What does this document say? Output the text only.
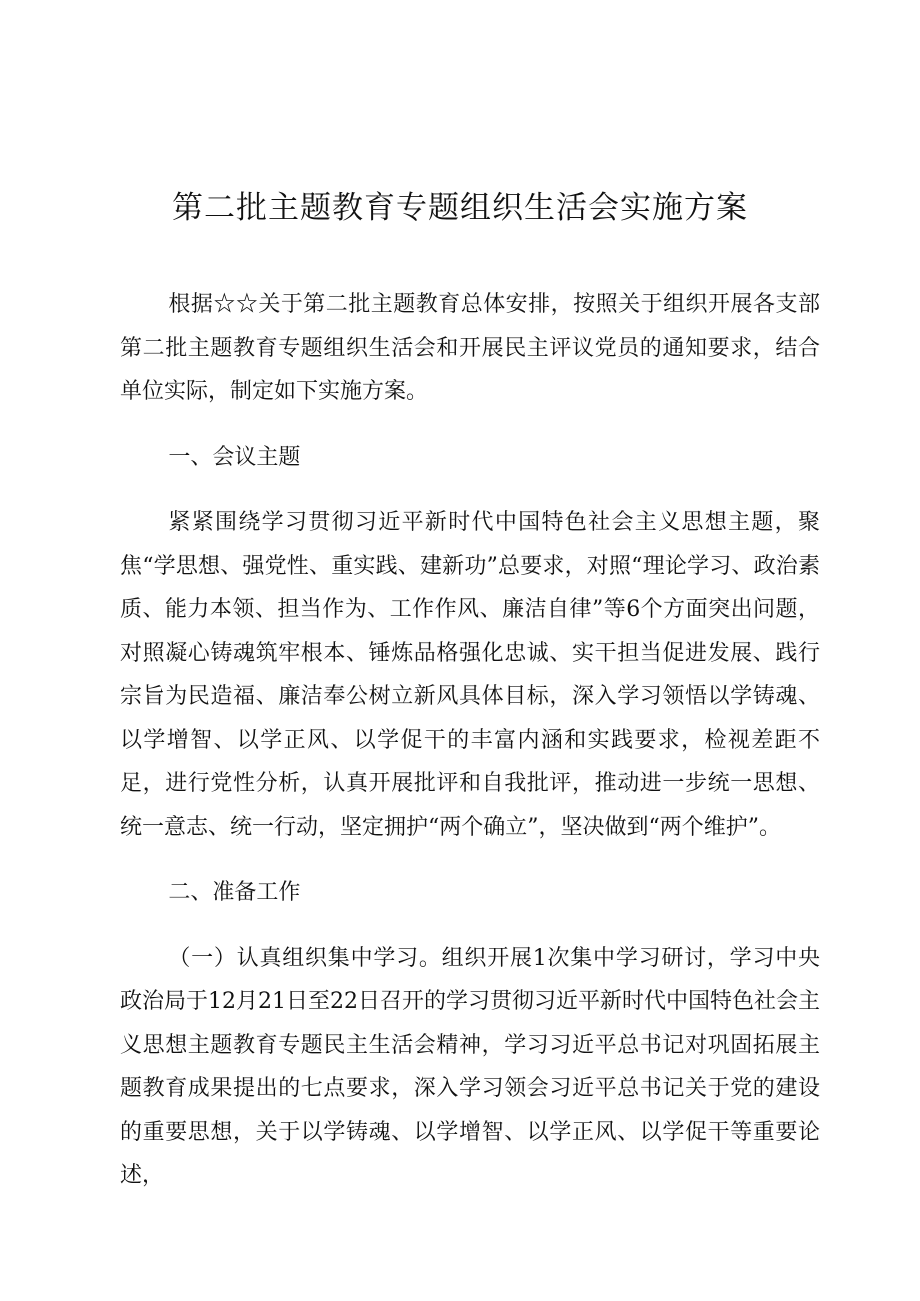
第二批主题教育专题组织生活会实施方案

根据☆☆关于第二批主题教育总体安排，按照关于组织开展各支部第二批主题教育专题组织生活会和开展民主评议党员的通知要求，结合单位实际，制定如下实施方案。

一、会议主题

紧紧围绕学习贯彻习近平新时代中国特色社会主义思想主题，聚焦“学思想、强党性、重实践、建新功”总要求，对照“理论学习、政治素质、能力本领、担当作为、工作作风、廉洁自律”等6个方面突出问题，对照凝心铸魂筑牢根本、锤炼品格强化忠诚、实干担当促进发展、践行宗旨为民造福、廉洁奉公树立新风具体目标，深入学习领悟以学铸魂、以学增智、以学正风、以学促干的丰富内涵和实践要求，检视差距不足，进行党性分析，认真开展批评和自我批评，推动进一步统一思想、统一意志、统一行动，坚定拥护“两个确立”，坚决做到“两个维护”。

二、准备工作

（一）认真组织集中学习。组织开展1次集中学习研讨，学习中央政治局于12月21日至22日召开的学习贯彻习近平新时代中国特色社会主义思想主题教育专题民主生活会精神，学习习近平总书记对巩固拓展主题教育成果提出的七点要求，深入学习领会习近平总书记关于党的建设的重要思想，关于以学铸魂、以学增智、以学正风、以学促干等重要论述，
